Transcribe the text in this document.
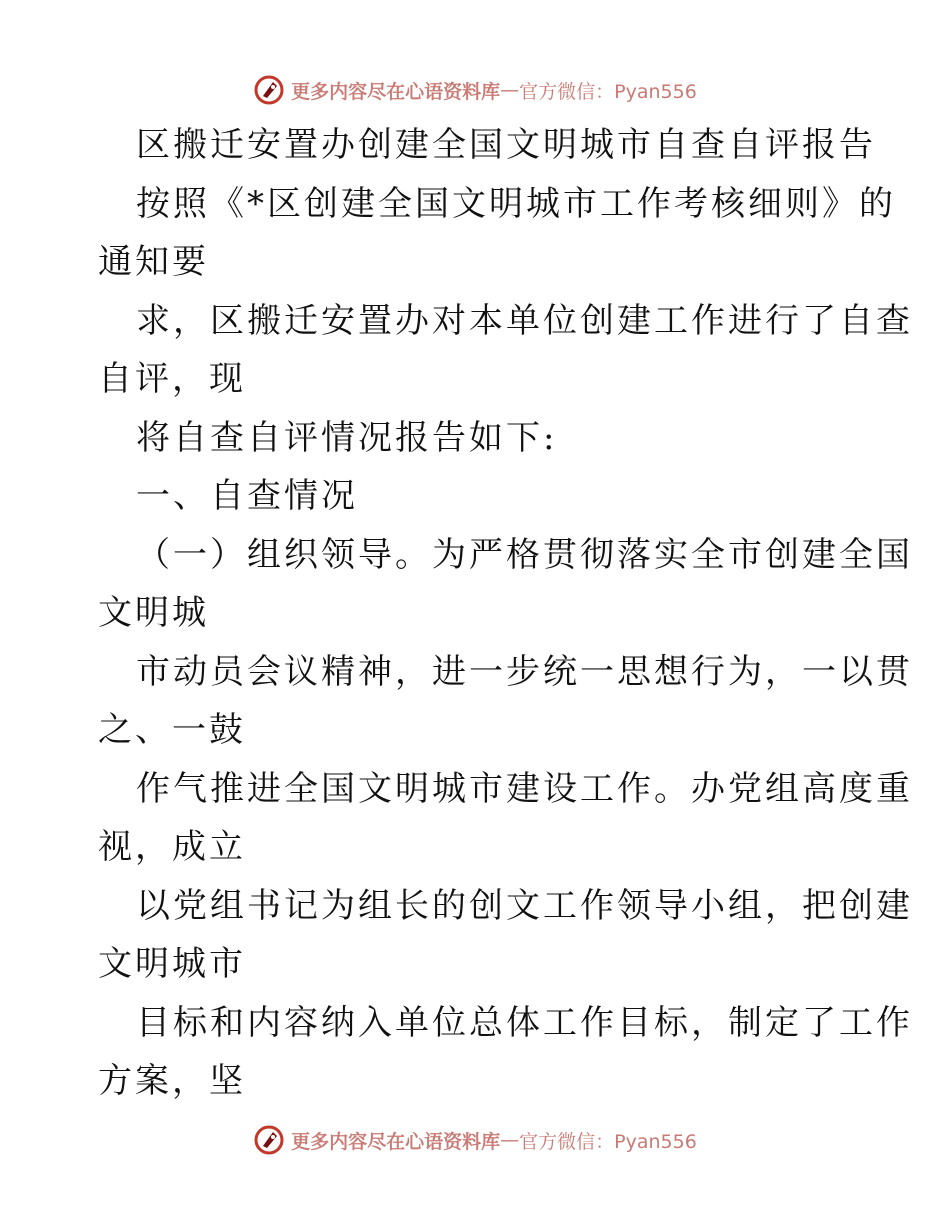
更多内容尽在心语资料库 — 官方微信：Pyan556
区搬迁安置办创建全国文明城市自查自评报告
按照《*区创建全国文明城市工作考核细则》的
通知要
求，区搬迁安置办对本单位创建工作进行了自查
自评，现
将自查自评情况报告如下:
一、自查情况
（一）组织领导。为严格贯彻落实全市创建全国
文明城
市动员会议精神，进一步统一思想行为，一以贯
之、一鼓
作气推进全国文明城市建设工作。办党组高度重
视，成立
以党组书记为组长的创文工作领导小组，把创建
文明城市
目标和内容纳入单位总体工作目标，制定了工作
方案，坚
更多内容尽在心语资料库 — 官方微信：Pyan556
